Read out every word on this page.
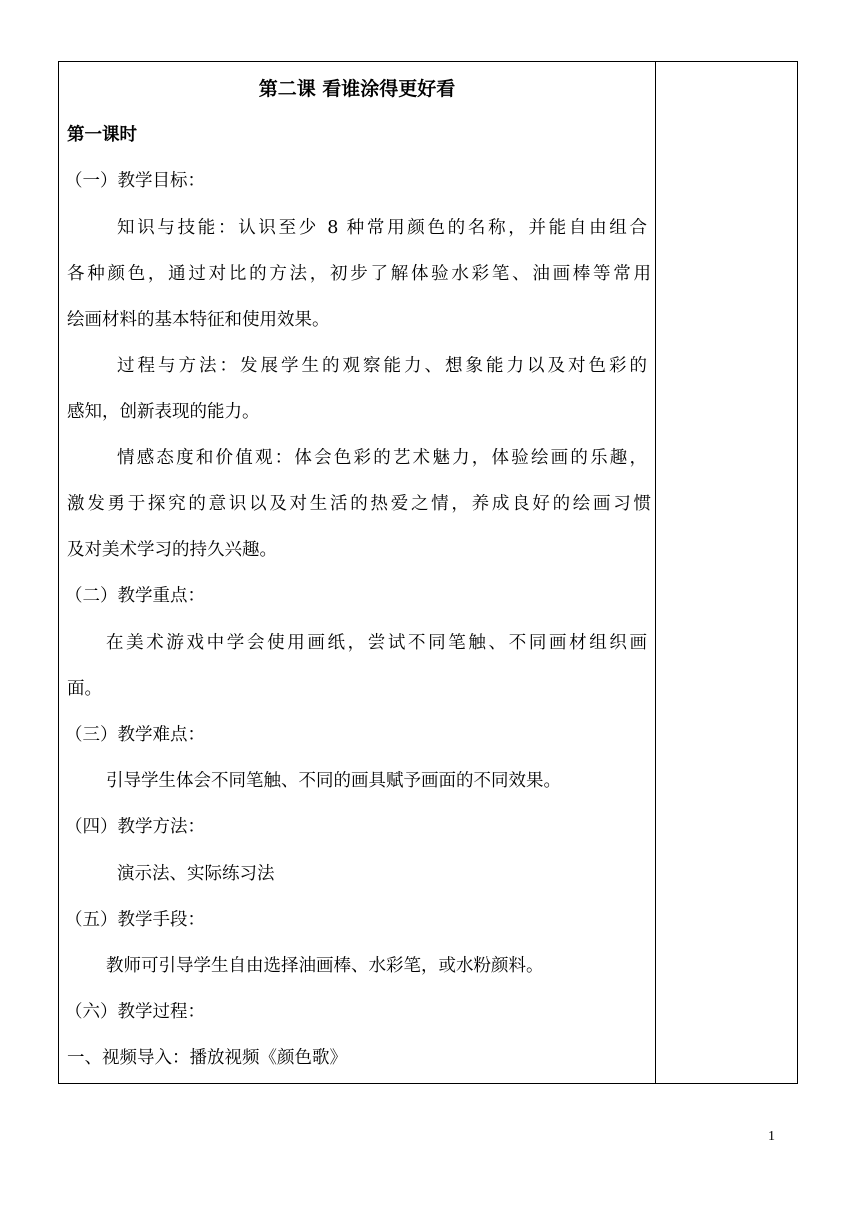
第二课 看谁涂得更好看
第一课时
（一）教学目标：
知识与技能：认识至少 8 种常用颜色的名称，并能自由组合
各种颜色，通过对比的方法，初步了解体验水彩笔、油画棒等常用
绘画材料的基本特征和使用效果。
过程与方法：发展学生的观察能力、想象能力以及对色彩的
感知，创新表现的能力。
情感态度和价值观：体会色彩的艺术魅力，体验绘画的乐趣，
激发勇于探究的意识以及对生活的热爱之情，养成良好的绘画习惯
及对美术学习的持久兴趣。
（二）教学重点：
在美术游戏中学会使用画纸，尝试不同笔触、不同画材组织画
面。
（三）教学难点：
引导学生体会不同笔触、不同的画具赋予画面的不同效果。
（四）教学方法：
演示法、实际练习法
（五）教学手段：
教师可引导学生自由选择油画棒、水彩笔，或水粉颜料。
（六）教学过程：
一、视频导入：播放视频《颜色歌》
1
